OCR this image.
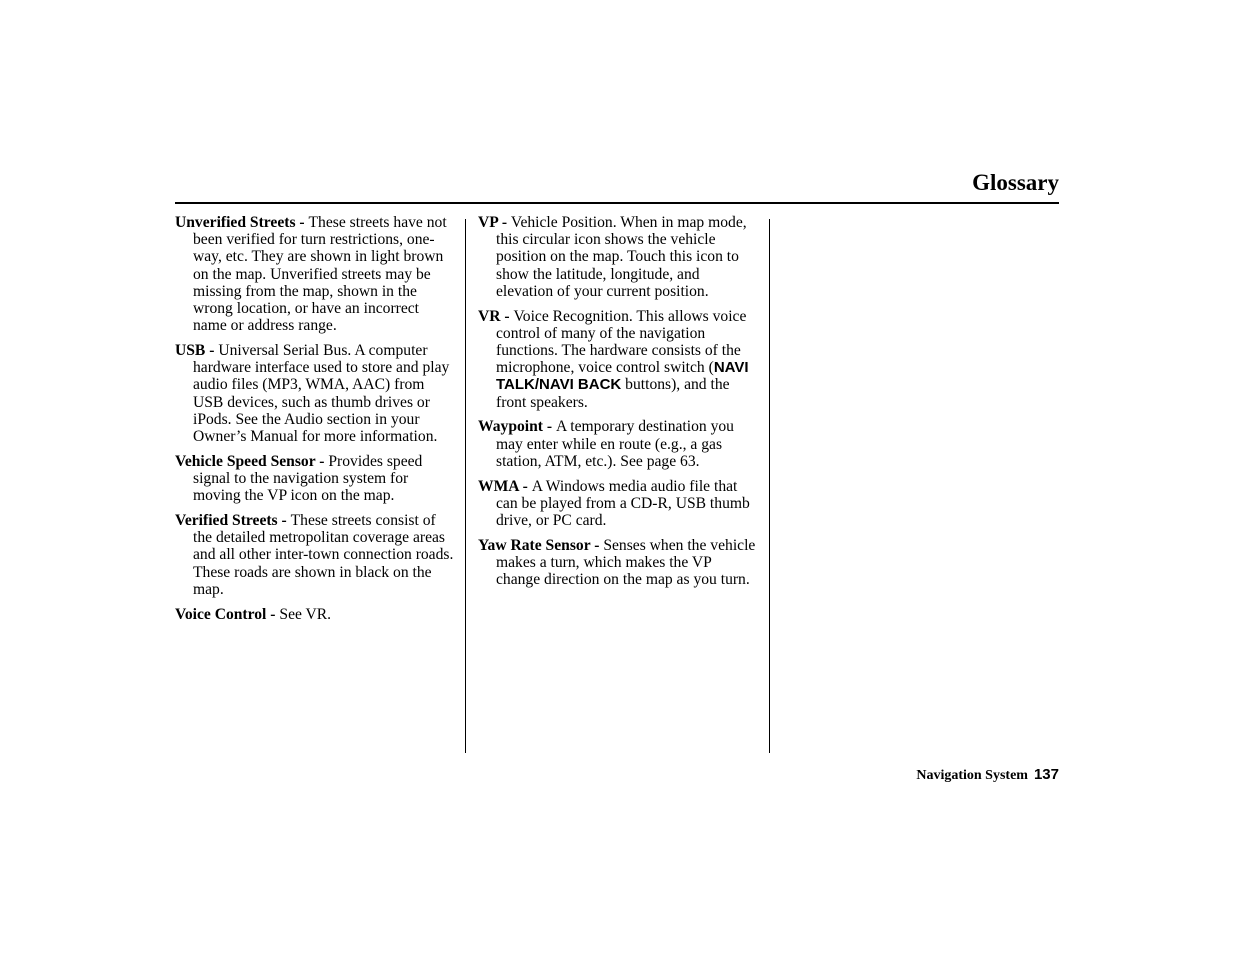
Glossary

Unverified Streets - These streets have not been verified for turn restrictions, one-way, etc. They are shown in light brown on the map. Unverified streets may be missing from the map, shown in the wrong location, or have an incorrect name or address range.

USB - Universal Serial Bus. A computer hardware interface used to store and play audio files (MP3, WMA, AAC) from USB devices, such as thumb drives or iPods. See the Audio section in your Owner’s Manual for more information.

Vehicle Speed Sensor - Provides speed signal to the navigation system for moving the VP icon on the map.

Verified Streets - These streets consist of the detailed metropolitan coverage areas and all other inter-town connection roads. These roads are shown in black on the map.

Voice Control - See VR.

VP - Vehicle Position. When in map mode, this circular icon shows the vehicle position on the map. Touch this icon to show the latitude, longitude, and elevation of your current position.

VR - Voice Recognition. This allows voice control of many of the navigation functions. The hardware consists of the microphone, voice control switch (NAVI TALK/NAVI BACK buttons), and the front speakers.

Waypoint - A temporary destination you may enter while en route (e.g., a gas station, ATM, etc.). See page 63.

WMA - A Windows media audio file that can be played from a CD-R, USB thumb drive, or PC card.

Yaw Rate Sensor - Senses when the vehicle makes a turn, which makes the VP change direction on the map as you turn.

Navigation System 137
